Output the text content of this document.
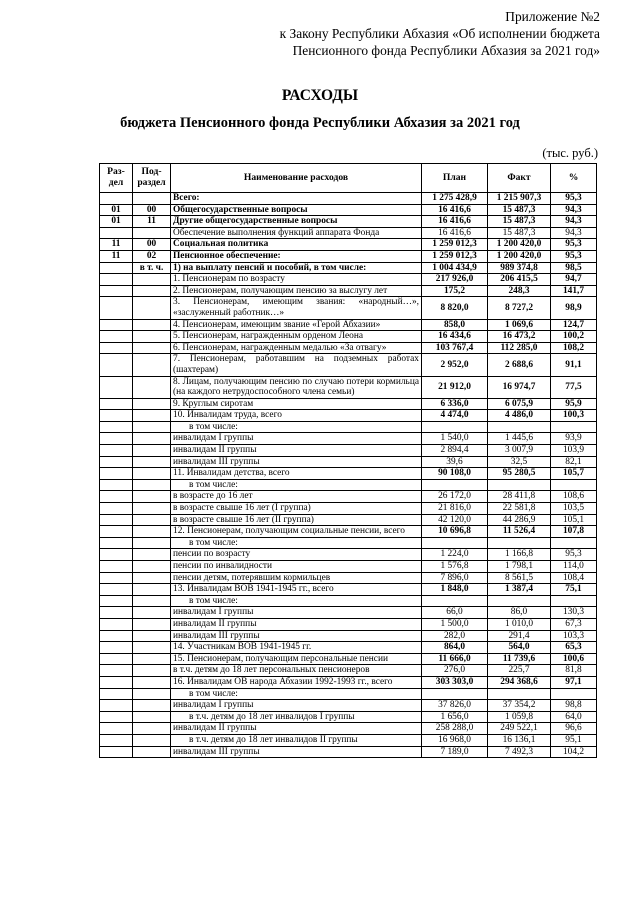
Приложение №2
к Закону Республики Абхазия «Об исполнении бюджета
Пенсионного фонда Республики Абхазия за 2021 год»
РАСХОДЫ
бюджета Пенсионного фонда Республики Абхазия за 2021 год
(тыс. руб.)
Раз-дел	Под-раздел	Наименование расходов	План	Факт	%
		Всего:	1 275 428,9	1 215 907,3	95,3
01	00	Общегосударственные вопросы	16 416,6	15 487,3	94,3
01	11	Другие общегосударственные вопросы	16 416,6	15 487,3	94,3
		Обеспечение выполнения функций аппарата Фонда	16 416,6	15 487,3	94,3
11	00	Социальная политика	1 259 012,3	1 200 420,0	95,3
11	02	Пенсионное обеспечение:	1 259 012,3	1 200 420,0	95,3
	в т. ч.	1) на выплату пенсий и пособий, в том числе:	1 004 434,9	989 374,8	98,5
		1. Пенсионерам по возрасту	217 926,0	206 415,5	94,7
		2. Пенсионерам, получающим пенсию за выслугу лет	175,2	248,3	141,7
		3. Пенсионерам, имеющим звания: «народный…», «заслуженный работник…»	8 820,0	8 727,2	98,9
		4. Пенсионерам, имеющим звание «Герой Абхазии»	858,0	1 069,6	124,7
		5. Пенсионерам, награжденным орденом Леона	16 434,6	16 473,2	100,2
		6. Пенсионерам, награжденным медалью «За отвагу»	103 767,4	112 285,0	108,2
		7. Пенсионерам, работавшим на подземных работах (шахтерам)	2 952,0	2 688,6	91,1
		8. Лицам, получающим пенсию по случаю потери кормильца (на каждого нетрудоспособного члена семьи)	21 912,0	16 974,7	77,5
		9. Круглым сиротам	6 336,0	6 075,9	95,9
		10. Инвалидам труда, всего	4 474,0	4 486,0	100,3
		в том числе:			
		инвалидам I группы	1 540,0	1 445,6	93,9
		инвалидам II группы	2 894,4	3 007,9	103,9
		инвалидам III группы	39,6	32,5	82,1
		11. Инвалидам детства, всего	90 108,0	95 280,5	105,7
		в том числе:			
		в возрасте до 16 лет	26 172,0	28 411,8	108,6
		в возрасте свыше 16 лет (I группа)	21 816,0	22 581,8	103,5
		в возрасте свыше 16 лет (II группа)	42 120,0	44 286,9	105,1
		12. Пенсионерам, получающим социальные пенсии, всего	10 696,8	11 526,4	107,8
		в том числе:			
		пенсии по возрасту	1 224,0	1 166,8	95,3
		пенсии по инвалидности	1 576,8	1 798,1	114,0
		пенсии детям, потерявшим кормильцев	7 896,0	8 561,5	108,4
		13. Инвалидам ВОВ 1941-1945 гг., всего	1 848,0	1 387,4	75,1
		в том числе:			
		инвалидам I группы	66,0	86,0	130,3
		инвалидам II группы	1 500,0	1 010,0	67,3
		инвалидам III группы	282,0	291,4	103,3
		14. Участникам ВОВ 1941-1945 гг.	864,0	564,0	65,3
		15. Пенсионерам, получающим персональные пенсии	11 666,0	11 739,6	100,6
		в т.ч. детям до 18 лет персональных пенсионеров	276,0	225,7	81,8
		16. Инвалидам ОВ народа Абхазии 1992-1993 гг., всего	303 303,0	294 368,6	97,1
		в том числе:			
		инвалидам I группы	37 826,0	37 354,2	98,8
		в т.ч. детям до 18 лет инвалидов I группы	1 656,0	1 059,8	64,0
		инвалидам II группы	258 288,0	249 522,1	96,6
		в т.ч. детям до 18 лет инвалидов II группы	16 968,0	16 136,1	95,1
		инвалидам III группы	7 189,0	7 492,3	104,2
